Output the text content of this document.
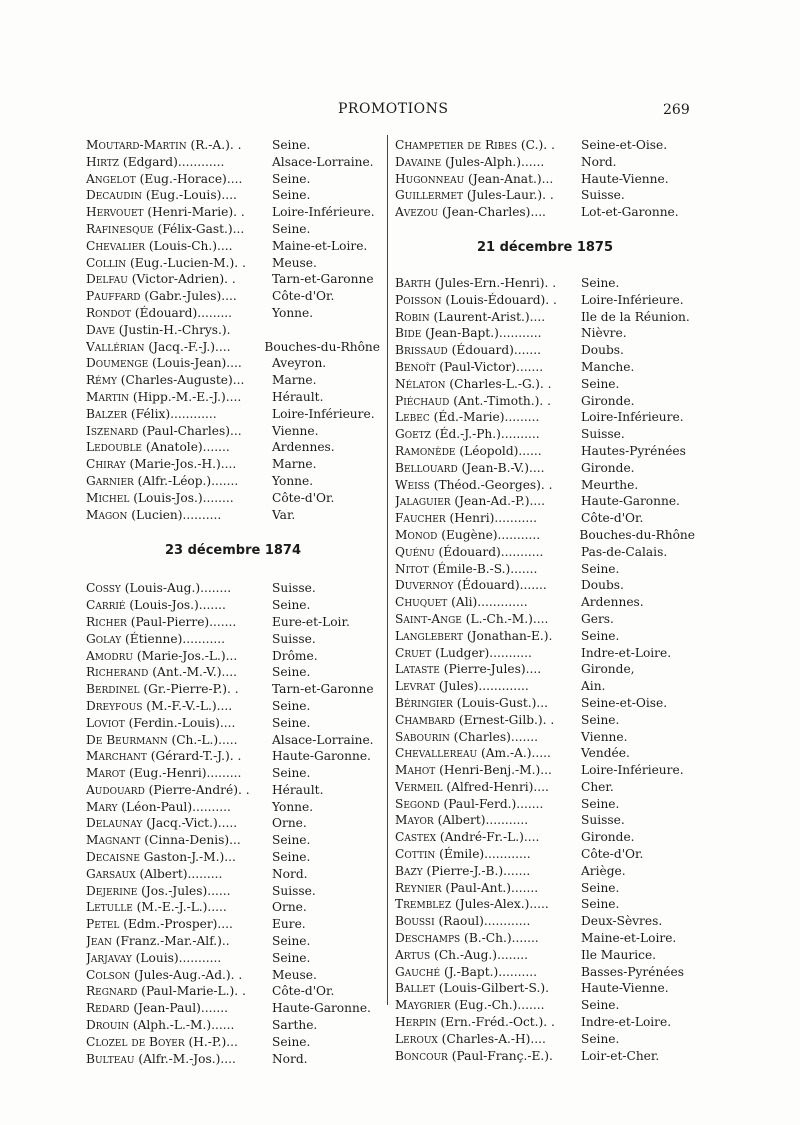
PROMOTIONS	269
Moutard-Martin (R.-A.). .	Seine.
Hirtz (Edgard)............	Alsace-Lorraine.
Angelot (Eug.-Horace)....	Seine.
Decaudin (Eug.-Louis)....	Seine.
Hervouet (Henri-Marie). .	Loire-Inférieure.
Rafinesque (Félix-Gast.)...	Seine.
Chevalier (Louis-Ch.)....	Maine-et-Loire.
Collin (Eug.-Lucien-M.). .	Meuse.
Delfau (Victor-Adrien). .	Tarn-et-Garonne
Pauffard (Gabr.-Jules)....	Côte-d'Or.
Rondot (Édouard).........	Yonne.
Dave (Justin-H.-Chrys.).
Vallérian (Jacq.-F.-J.)....	Bouches-du-Rhône
Doumenge (Louis-Jean)....	Aveyron.
Rémy (Charles-Auguste)...	Marne.
Martin (Hipp.-M.-E.-J.)....	Hérault.
Balzer (Félix)............	Loire-Inférieure.
Iszenard (Paul-Charles)...	Vienne.
Ledouble (Anatole).......	Ardennes.
Chiray (Marie-Jos.-H.)....	Marne.
Garnier (Alfr.-Léop.).......	Yonne.
Michel (Louis-Jos.)........	Côte-d'Or.
Magon (Lucien)..........	Var.
23 décembre 1874
Cossy (Louis-Aug.)........	Suisse.
Carrié (Louis-Jos.).......	Seine.
Richer (Paul-Pierre).......	Eure-et-Loir.
Golay (Étienne)...........	Suisse.
Amodru (Marie-Jos.-L.)...	Drôme.
Richerand (Ant.-M.-V.)....	Seine.
Berdinel (Gr.-Pierre-P.). .	Tarn-et-Garonne
Dreyfous (M.-F.-V.-L.)....	Seine.
Loviot (Ferdin.-Louis)....	Seine.
De Beurmann (Ch.-L.).....	Alsace-Lorraine.
Marchant (Gérard-T.-J.). .	Haute-Garonne.
Marot (Eug.-Henri).........	Seine.
Audouard (Pierre-André). .	Hérault.
Mary (Léon-Paul)..........	Yonne.
Delaunay (Jacq.-Vict.).....	Orne.
Magnant (Cinna-Denis)...	Seine.
Decaisne Gaston-J.-M.)...	Seine.
Garsaux (Albert).........	Nord.
Dejerine (Jos.-Jules)......	Suisse.
Letulle (M.-E.-J.-L.).....	Orne.
Petel (Edm.-Prosper)....	Eure.
Jean (Franz.-Mar.-Alf.)..	Seine.
Jarjavay (Louis)...........	Seine.
Colson (Jules-Aug.-Ad.). .	Meuse.
Regnard (Paul-Marie-L.). .	Côte-d'Or.
Redard (Jean-Paul).......	Haute-Garonne.
Drouin (Alph.-L.-M.)......	Sarthe.
Clozel de Boyer (H.-P.)...	Seine.
Bulteau (Alfr.-M.-Jos.)....	Nord.
Champetier de Ribes (C.). .	Seine-et-Oise.
Davaine (Jules-Alph.)......	Nord.
Hugonneau (Jean-Anat.)...	Haute-Vienne.
Guillermet (Jules-Laur.). .	Suisse.
Avezou (Jean-Charles)....	Lot-et-Garonne.
21 décembre 1875
Barth (Jules-Ern.-Henri). .	Seine.
Poisson (Louis-Édouard). .	Loire-Inférieure.
Robin (Laurent-Arist.)....	Ile de la Réunion.
Bide (Jean-Bapt.)...........	Nièvre.
Brissaud (Édouard).......	Doubs.
Benoît (Paul-Victor).......	Manche.
Nélaton (Charles-L.-G.). .	Seine.
Piéchaud (Ant.-Timoth.). .	Gironde.
Lebec (Éd.-Marie).........	Loire-Inférieure.
Goetz (Éd.-J.-Ph.)..........	Suisse.
Ramonède (Léopold)......	Hautes-Pyrénées
Bellouard (Jean-B.-V.)....	Gironde.
Weiss (Théod.-Georges). .	Meurthe.
Jalaguier (Jean-Ad.-P.)....	Haute-Garonne.
Faucher (Henri)...........	Côte-d'Or.
Monod (Eugène)...........	Bouches-du-Rhône
Quénu (Édouard)...........	Pas-de-Calais.
Nitot (Émile-B.-S.).......	Seine.
Duvernoy (Édouard).......	Doubs.
Chuquet (Ali).............	Ardennes.
Saint-Ange (L.-Ch.-M.)....	Gers.
Langlebert (Jonathan-E.).	Seine.
Cruet (Ludger)...........	Indre-et-Loire.
Lataste (Pierre-Jules)....	Gironde,
Levrat (Jules).............	Ain.
Béringier (Louis-Gust.)...	Seine-et-Oise.
Chambard (Ernest-Gilb.). .	Seine.
Sabourin (Charles).......	Vienne.
Chevallereau (Am.-A.).....	Vendée.
Mahot (Henri-Benj.-M.)...	Loire-Inférieure.
Vermeil (Alfred-Henri)....	Cher.
Segond (Paul-Ferd.).......	Seine.
Mayor (Albert)...........	Suisse.
Castex (André-Fr.-L.)....	Gironde.
Cottin (Émile)............	Côte-d'Or.
Bazy (Pierre-J.-B.).......	Ariège.
Reynier (Paul-Ant.).......	Seine.
Tremblez (Jules-Alex.).....	Seine.
Boussi (Raoul)............	Deux-Sèvres.
Deschamps (B.-Ch.).......	Maine-et-Loire.
Artus (Ch.-Aug.)........	Ile Maurice.
Gauché (J.-Bapt.)..........	Basses-Pyrénées
Ballet (Louis-Gilbert-S.).	Haute-Vienne.
Maygrier (Eug.-Ch.).......	Seine.
Herpin (Ern.-Fréd.-Oct.). .	Indre-et-Loire.
Leroux (Charles-A.-H)....	Seine.
Boncour (Paul-Franç.-E.).	Loir-et-Cher.
